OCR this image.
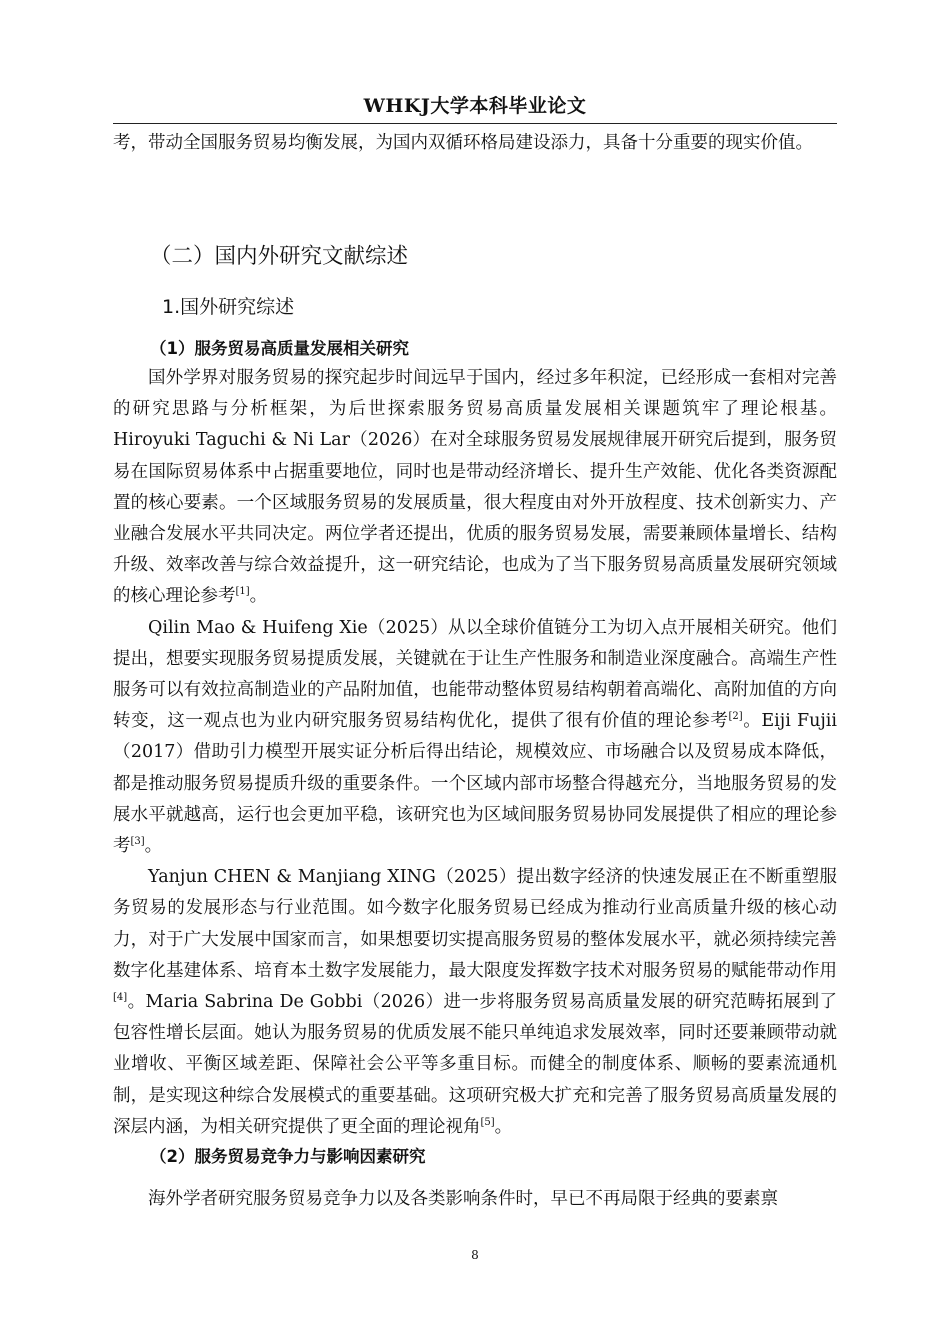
WHKJ大学本科毕业论文

考，带动全国服务贸易均衡发展，为国内双循环格局建设添力，具备十分重要的现实价值。

（二）国内外研究文献综述
1.国外研究综述
（1）服务贸易高质量发展相关研究

国外学界对服务贸易的探究起步时间远早于国内，经过多年积淀，已经形成一套相对完善的研究思路与分析框架，为后世探索服务贸易高质量发展相关课题筑牢了理论根基。Hiroyuki Taguchi & Ni Lar（2026）在对全球服务贸易发展规律展开研究后提到，服务贸易在国际贸易体系中占据重要地位，同时也是带动经济增长、提升生产效能、优化各类资源配置的核心要素。一个区域服务贸易的发展质量，很大程度由对外开放程度、技术创新实力、产业融合发展水平共同决定。两位学者还提出，优质的服务贸易发展，需要兼顾体量增长、结构升级、效率改善与综合效益提升，这一研究结论，也成为了当下服务贸易高质量发展研究领域的核心理论参考[1]。

Qilin Mao & Huifeng Xie（2025）从以全球价值链分工为切入点开展相关研究。他们提出，想要实现服务贸易提质发展，关键就在于让生产性服务和制造业深度融合。高端生产性服务可以有效拉高制造业的产品附加值，也能带动整体贸易结构朝着高端化、高附加值的方向转变，这一观点也为业内研究服务贸易结构优化，提供了很有价值的理论参考[2]。Eiji Fujii（2017）借助引力模型开展实证分析后得出结论，规模效应、市场融合以及贸易成本降低，都是推动服务贸易提质升级的重要条件。一个区域内部市场整合得越充分，当地服务贸易的发展水平就越高，运行也会更加平稳，该研究也为区域间服务贸易协同发展提供了相应的理论参考[3]。

Yanjun CHEN & Manjiang XING（2025）提出数字经济的快速发展正在不断重塑服务贸易的发展形态与行业范围。如今数字化服务贸易已经成为推动行业高质量升级的核心动力，对于广大发展中国家而言，如果想要切实提高服务贸易的整体发展水平，就必须持续完善数字化基建体系、培育本土数字发展能力，最大限度发挥数字技术对服务贸易的赋能带动作用[4]。Maria Sabrina De Gobbi（2026）进一步将服务贸易高质量发展的研究范畴拓展到了包容性增长层面。她认为服务贸易的优质发展不能只单纯追求发展效率，同时还要兼顾带动就业增收、平衡区域差距、保障社会公平等多重目标。而健全的制度体系、顺畅的要素流通机制，是实现这种综合发展模式的重要基础。这项研究极大扩充和完善了服务贸易高质量发展的深层内涵，为相关研究提供了更全面的理论视角[5]。

（2）服务贸易竞争力与影响因素研究

海外学者研究服务贸易竞争力以及各类影响条件时，早已不再局限于经典的要素禀

8
